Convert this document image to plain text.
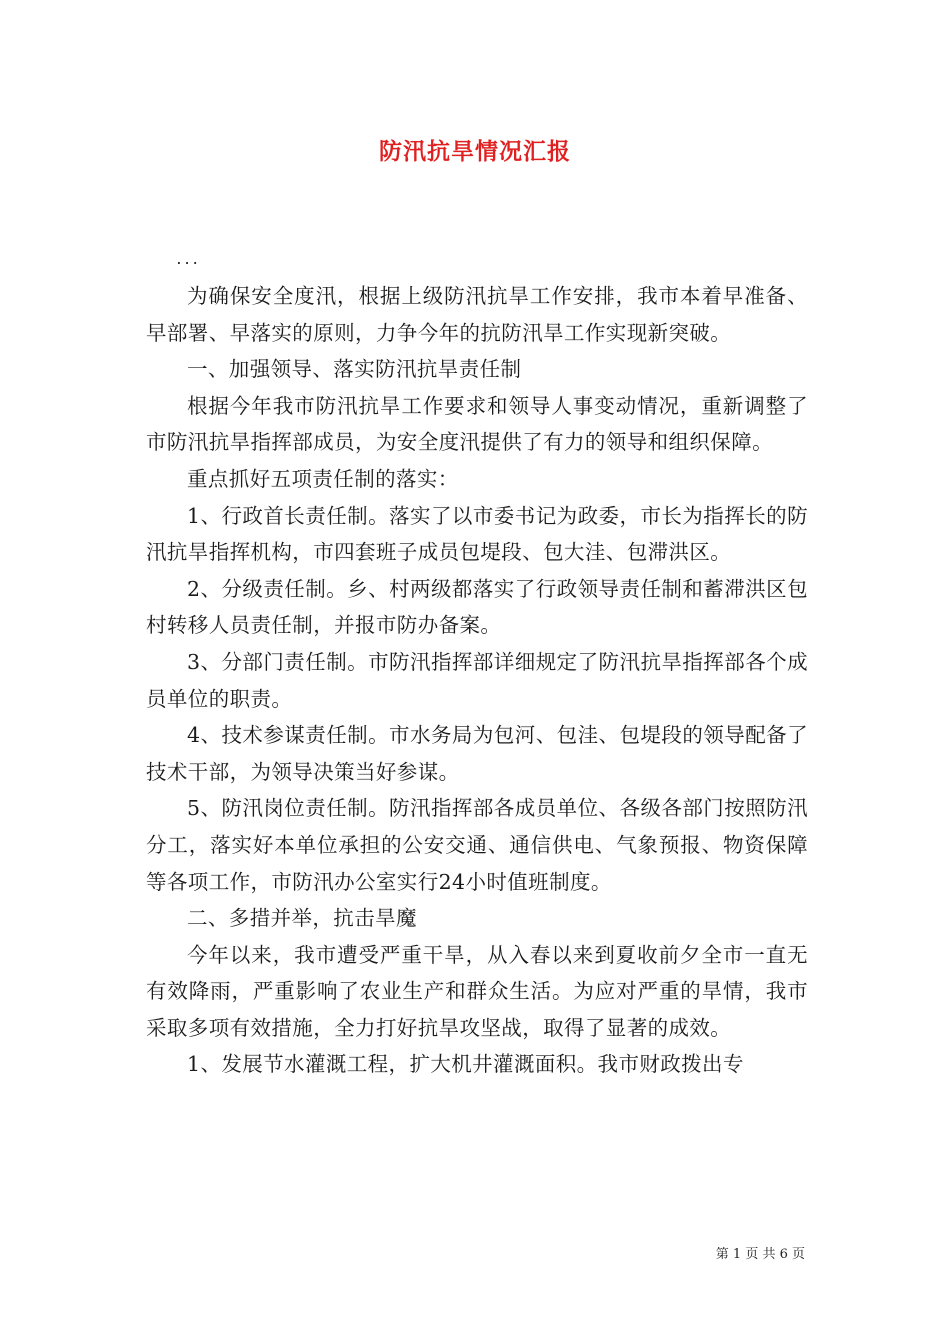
防汛抗旱情况汇报

...

为确保安全度汛，根据上级防汛抗旱工作安排，我市本着早准备、早部署、早落实的原则，力争今年的抗防汛旱工作实现新突破。

一、加强领导、落实防汛抗旱责任制

根据今年我市防汛抗旱工作要求和领导人事变动情况，重新调整了市防汛抗旱指挥部成员，为安全度汛提供了有力的领导和组织保障。

重点抓好五项责任制的落实：

1、行政首长责任制。落实了以市委书记为政委，市长为指挥长的防汛抗旱指挥机构，市四套班子成员包堤段、包大洼、包滞洪区。

2、分级责任制。乡、村两级都落实了行政领导责任制和蓄滞洪区包村转移人员责任制，并报市防办备案。

3、分部门责任制。市防汛指挥部详细规定了防汛抗旱指挥部各个成员单位的职责。

4、技术参谋责任制。市水务局为包河、包洼、包堤段的领导配备了技术干部，为领导决策当好参谋。

5、防汛岗位责任制。防汛指挥部各成员单位、各级各部门按照防汛分工，落实好本单位承担的公安交通、通信供电、气象预报、物资保障等各项工作，市防汛办公室实行24小时值班制度。

二、多措并举，抗击旱魔

今年以来，我市遭受严重干旱，从入春以来到夏收前夕全市一直无有效降雨，严重影响了农业生产和群众生活。为应对严重的旱情，我市采取多项有效措施，全力打好抗旱攻坚战，取得了显著的成效。

1、发展节水灌溉工程，扩大机井灌溉面积。我市财政拨出专

第 1 页 共 6 页
